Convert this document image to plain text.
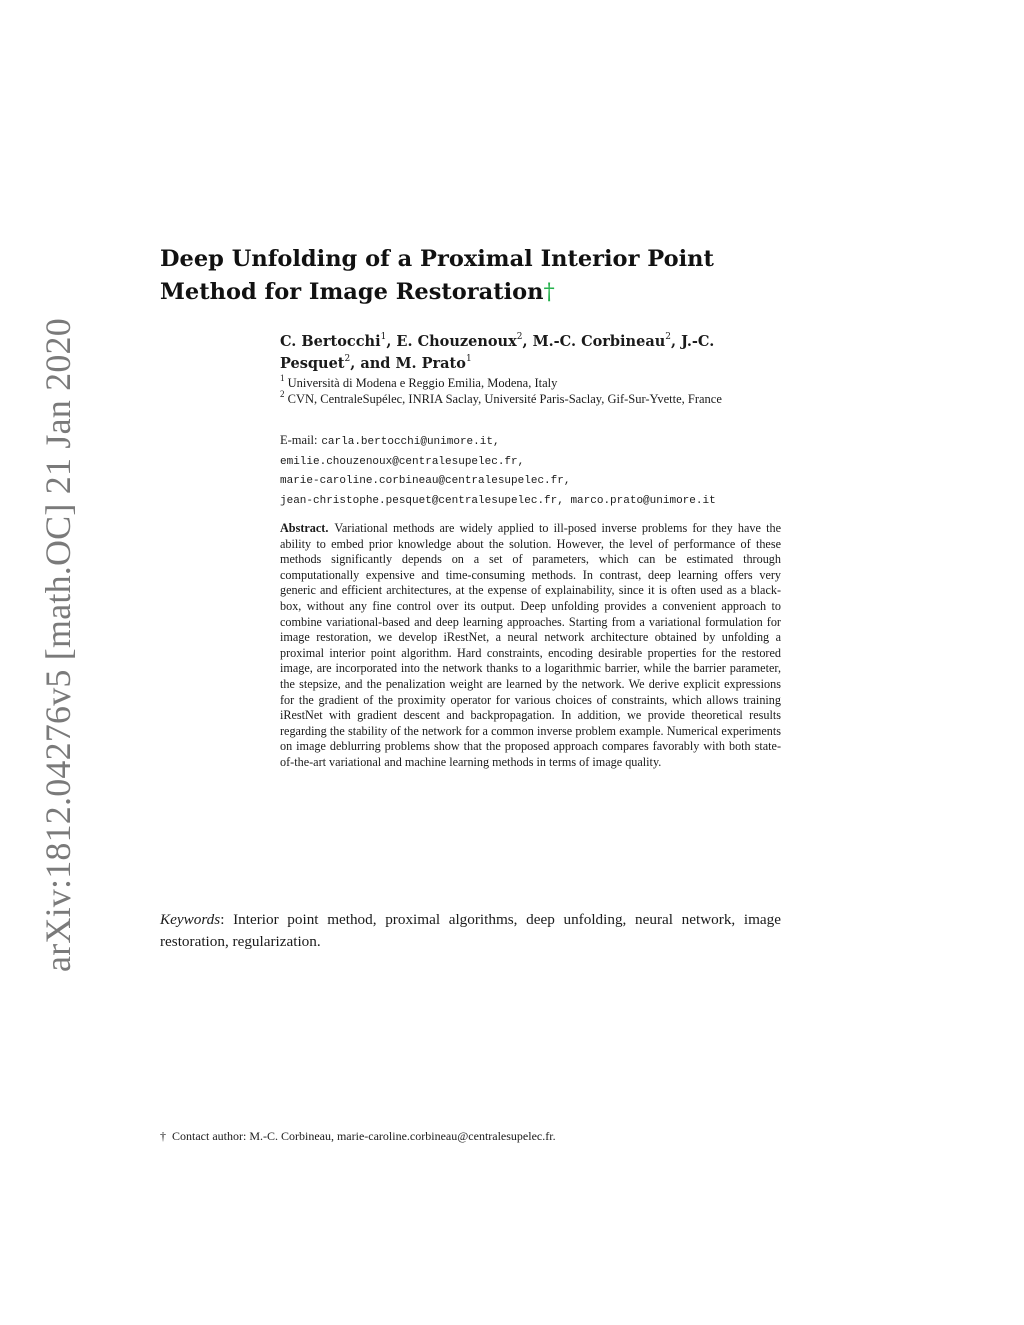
arXiv:1812.04276v5 [math.OC] 21 Jan 2020
Deep Unfolding of a Proximal Interior Point
Method for Image Restoration†
C. Bertocchi$^1$, E. Chouzenoux$^2$, M.-C. Corbineau$^2$, J.-C. Pesquet$^2$, and M. Prato$^1$
$^1$ Università di Modena e Reggio Emilia, Modena, Italy
$^2$ CVN, CentraleSupélec, INRIA Saclay, Université Paris-Saclay, Gif-Sur-Yvette, France
E-mail: carla.bertocchi@unimore.it,
emilie.chouzenoux@centralesupelec.fr,
marie-caroline.corbineau@centralesupelec.fr,
jean-christophe.pesquet@centralesupelec.fr, marco.prato@unimore.it
Abstract. Variational methods are widely applied to ill-posed inverse problems for they have the ability to embed prior knowledge about the solution. However, the level of performance of these methods significantly depends on a set of parameters, which can be estimated through computationally expensive and time-consuming methods. In contrast, deep learning offers very generic and efficient architectures, at the expense of explainability, since it is often used as a black-box, without any fine control over its output. Deep unfolding provides a convenient approach to combine variational-based and deep learning approaches. Starting from a variational formulation for image restoration, we develop iRestNet, a neural network architecture obtained by unfolding a proximal interior point algorithm. Hard constraints, encoding desirable properties for the restored image, are incorporated into the network thanks to a logarithmic barrier, while the barrier parameter, the stepsize, and the penalization weight are learned by the network. We derive explicit expressions for the gradient of the proximity operator for various choices of constraints, which allows training iRestNet with gradient descent and backpropagation. In addition, we provide theoretical results regarding the stability of the network for a common inverse problem example. Numerical experiments on image deblurring problems show that the proposed approach compares favorably with both state-of-the-art variational and machine learning methods in terms of image quality.
Keywords: Interior point method, proximal algorithms, deep unfolding, neural network, image restoration, regularization.
† Contact author: M.-C. Corbineau, marie-caroline.corbineau@centralesupelec.fr.
